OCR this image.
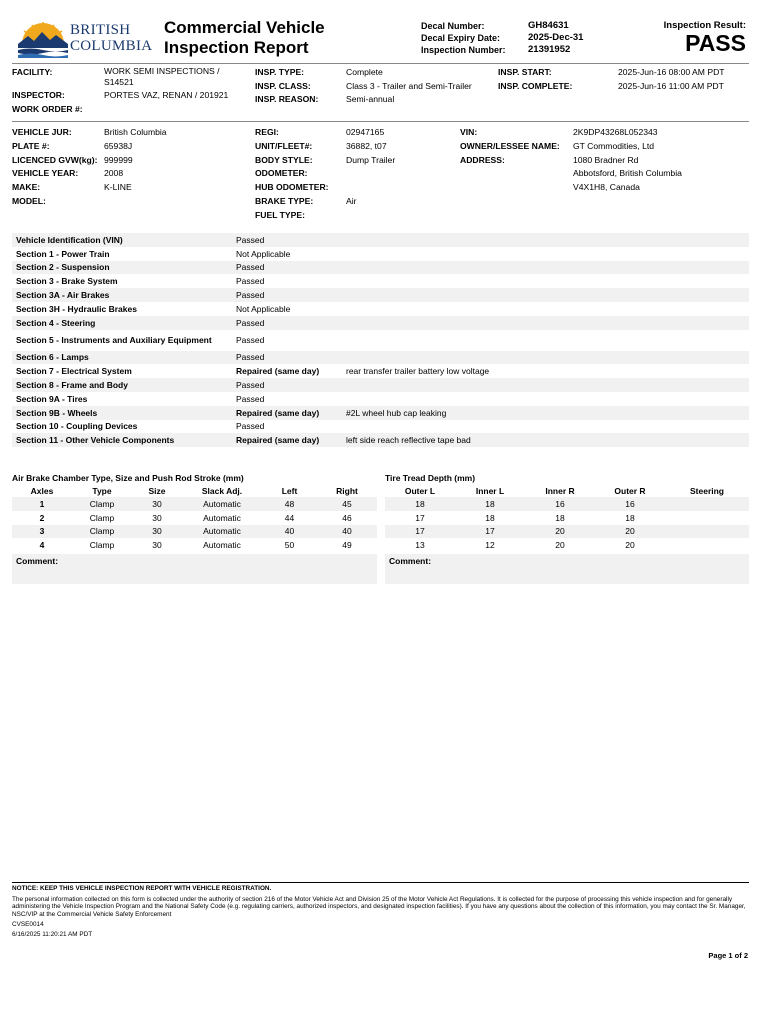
BRITISH
COLUMBIA
Commercial Vehicle
Inspection Report
Decal Number:	GH84631
Decal Expiry Date:	2025-Dec-31
Inspection Number: 21391952
Inspection Result:
PASS
FACILITY:	WORK SEMI INSPECTIONS / S14521
INSPECTOR:	PORTES VAZ, RENAN / 201921
WORK ORDER #:
INSP. TYPE:	Complete
INSP. CLASS:	Class 3 - Trailer and Semi-Trailer
INSP. REASON:	Semi-annual
INSP. START:	2025-Jun-16 08:00 AM PDT
INSP. COMPLETE:	2025-Jun-16 11:00 AM PDT
VEHICLE JUR:	British Columbia
PLATE #:	65938J
LICENCED GVW(kg): 999999
VEHICLE YEAR:	2008
MAKE:	K-LINE
MODEL:
REGI:	02947165
UNIT/FLEET#:	36882, t07
BODY STYLE:	Dump Trailer
ODOMETER:
HUB ODOMETER:
BRAKE TYPE:	Air
FUEL TYPE:
VIN:	2K9DP43268L052343
OWNER/LESSEE NAME: GT Commodities, Ltd
ADDRESS:	1080 Bradner Rd
Abbotsford, British Columbia
V4X1H8, Canada
Vehicle Identification (VIN)	Passed	
Section 1 - Power Train	Not Applicable	
Section 2 - Suspension	Passed	
Section 3 - Brake System	Passed	
Section 3A - Air Brakes	Passed	
Section 3H - Hydraulic Brakes	Not Applicable	
Section 4 - Steering	Passed	
Section 5 - Instruments and Auxiliary Equipment	Passed	
Section 6 - Lamps	Passed	
Section 7 - Electrical System	Repaired (same day)	rear transfer trailer battery low voltage
Section 8 - Frame and Body	Passed	
Section 9A - Tires	Passed	
Section 9B - Wheels	Repaired (same day)	#2L wheel hub cap leaking
Section 10 - Coupling Devices	Passed	
Section 11 - Other Vehicle Components	Repaired (same day)	left side reach reflective tape bad
Air Brake Chamber Type, Size and Push Rod Stroke (mm)
Axles	Type	Size	Slack Adj.	Left	Right
1	Clamp	30	Automatic	48	45
2	Clamp	30	Automatic	44	46
3	Clamp	30	Automatic	40	40
4	Clamp	30	Automatic	50	49
Comment:
Tire Tread Depth (mm)
Outer L	Inner L	Inner R	Outer R	Steering
18	18	16	16	
17	18	18	18	
17	17	20	20	
13	12	20	20	
Comment:
NOTICE: KEEP THIS VEHICLE INSPECTION REPORT WITH VEHICLE REGISTRATION.
The personal information collected on this form is collected under the authority of section 216 of the Motor Vehicle Act and Division 25 of the Motor Vehicle Act Regulations. It is collected for the purpose of processing this vehicle inspection and for generally administering the Vehicle Inspection Program and the National Safety Code (e.g. regulating carriers, authorized inspectors, and designated inspection facilities). If you have any questions about the collection of this information, you may contact the Sr. Manager, NSC/VIP at the Commercial Vehicle Safety Enforcement
CVSE0014
6/16/2025 11:20:21 AM PDT
Page 1 of 2
